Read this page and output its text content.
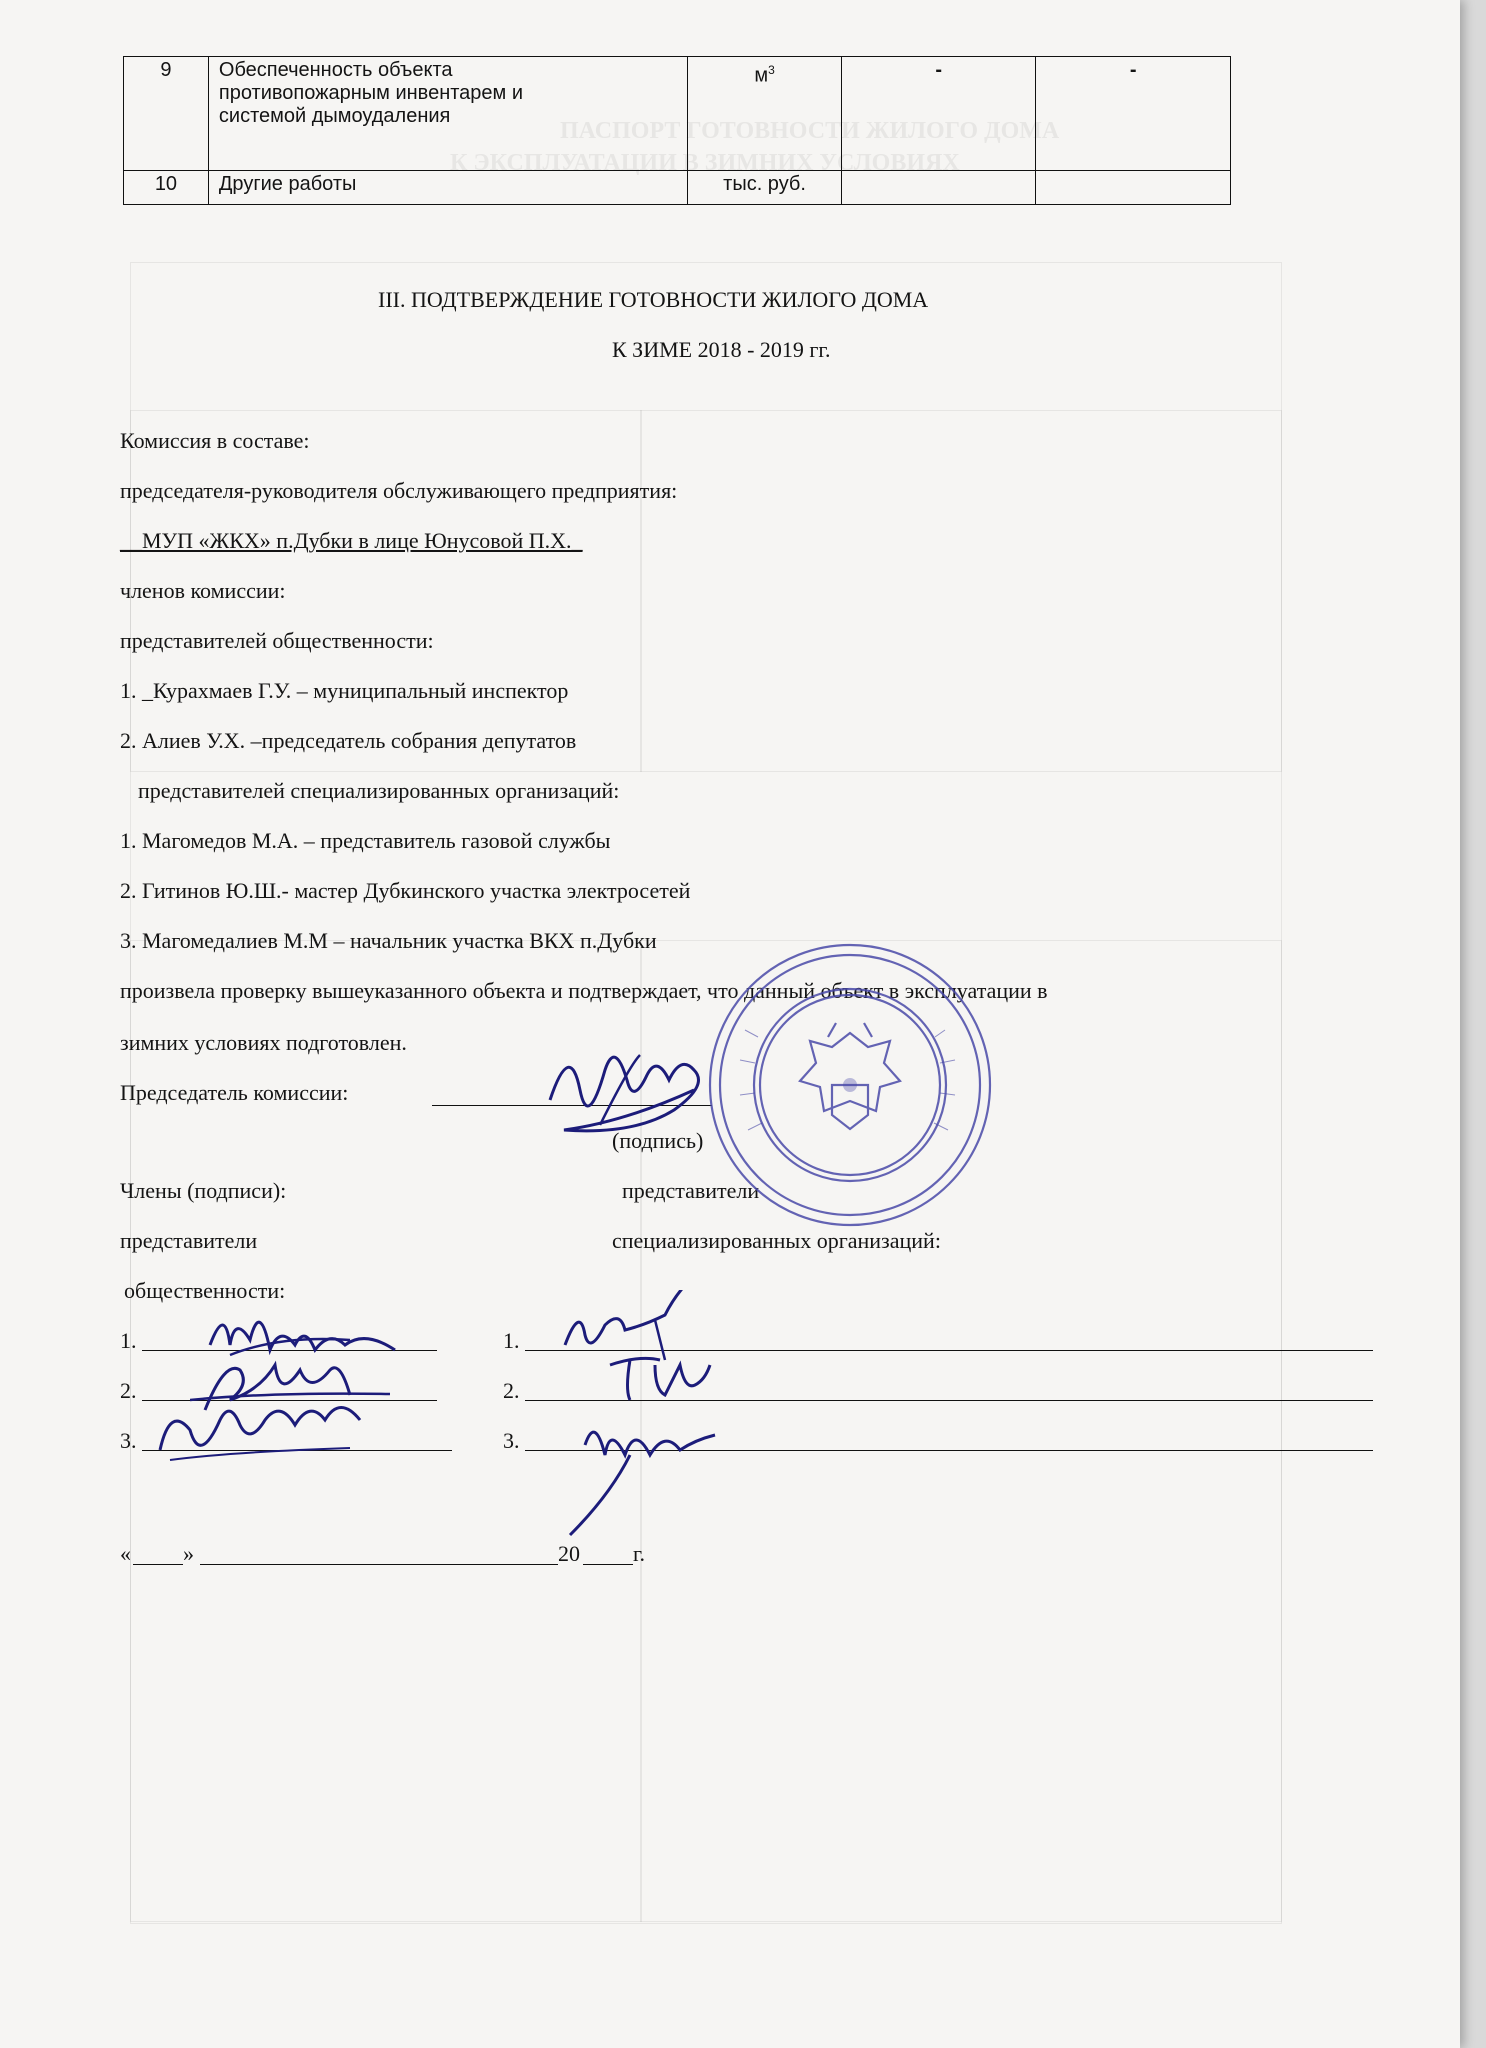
ПАСПОРТ ГОТОВНОСТИ ЖИЛОГО ДОМА
К ЭКСПЛУАТАЦИИ В ЗИМНИХ УСЛОВИЯХ
9	Обеспеченность объекта
противопожарным инвентарем и
системой дымоудаления	$м^3$	-	-
10	Другие работы	тыс. руб.		
III. ПОДТВЕРЖДЕНИЕ ГОТОВНОСТИ ЖИЛОГО ДОМА
К ЗИМЕ 2018 - 2019 гг.
Комиссия в составе:
председателя-руководителя обслуживающего предприятия:
__МУП «ЖКХ» п.Дубки в лице Юнусовой П.Х._
членов комиссии:
представителей общественности:
1. _Курахмаев Г.У. – муниципальный инспектор
2. Алиев У.Х. –председатель собрания депутатов
представителей специализированных организаций:
1. Магомедов М.А. – представитель газовой службы
2. Гитинов Ю.Ш.- мастер Дубкинского участка электросетей
3. Магомедалиев М.М – начальник участка ВКХ п.Дубки
произвела проверку вышеуказанного объекта и подтверждает, что данный объект в эксплуатации в
зимних условиях подготовлен.
Председатель комиссии:
(подпись)
Члены (подписи):	представители
представители	специализированных организаций:
общественности:
1.	1.
2.	2.
3.	3.
« »	20 г.
